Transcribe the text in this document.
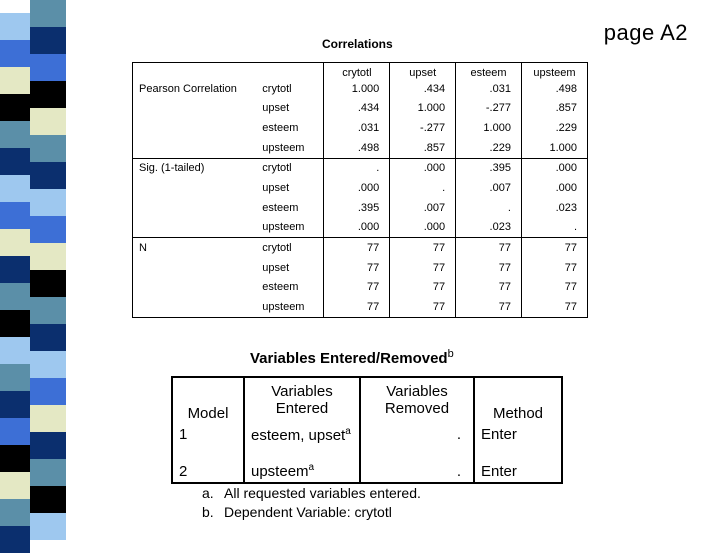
page A2
Correlations
		crytotl	upset	esteem	upsteem
Pearson Correlation	crytotl	1.000	.434	.031	.498
	upset	.434	1.000	-.277	.857
	esteem	.031	-.277	1.000	.229
	upsteem	.498	.857	.229	1.000
Sig. (1-tailed)	crytotl	.	.000	.395	.000
	upset	.000	.	.007	.000
	esteem	.395	.007	.	.023
	upsteem	.000	.000	.023	.
N	crytotl	77	77	77	77
	upset	77	77	77	77
	esteem	77	77	77	77
	upsteem	77	77	77	77
Variables Entered/Removed$^b$
Model	Variables Entered	Variables Removed	Method
1	esteem, upset$^a$	.	Enter
2	upsteem$^a$	.	Enter
a. All requested variables entered.
b. Dependent Variable: crytotl
